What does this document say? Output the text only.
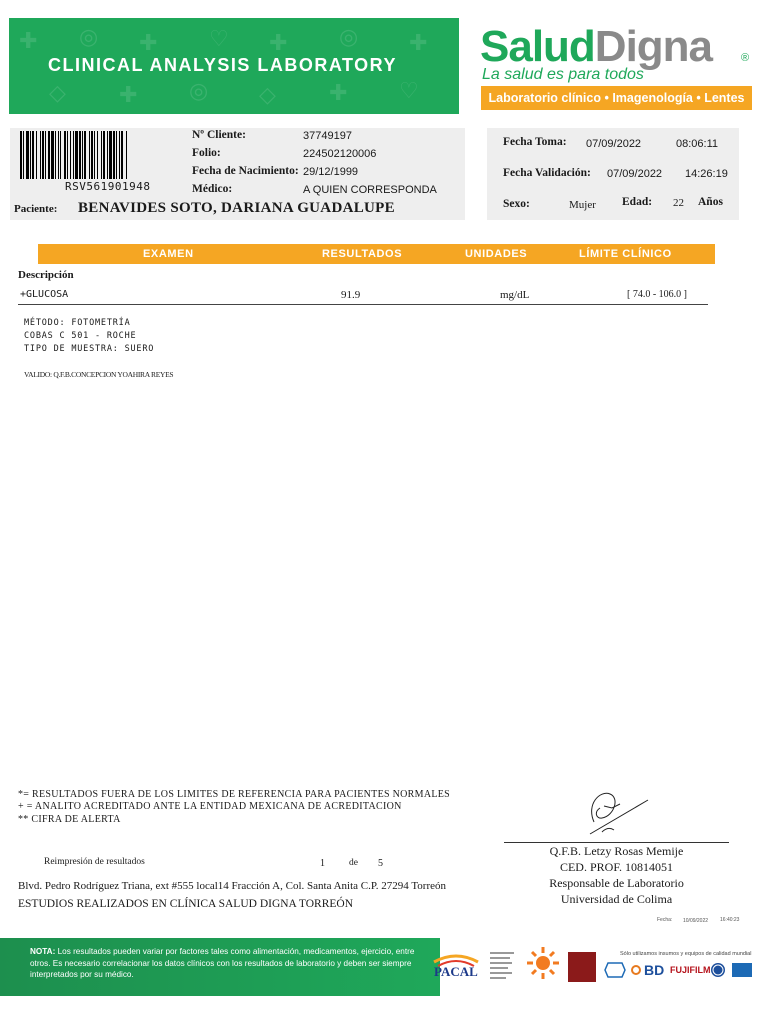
✚ ◎ ✚ ♡ ✚ ◎ ✚
◇ ✚ ◎ ◇ ✚ ♡
CLINICAL ANALYSIS LABORATORY SaludDigna	®
La salud es para todos
Laboratorio clínico • Imagenología • Lentes
RSV561901948
Nº Cliente:	37749197
Folio:	224502120006
Fecha de Nacimiento: 29/12/1999
Médico:	A QUIEN CORRESPONDA
Paciente: BENAVIDES SOTO, DARIANA GUADALUPE
Fecha Toma: 07/09/2022	08:06:11
Fecha Validación: 07/09/2022 14:26:19
Sexo:	Mujer Edad: 22 Años
EXAMEN	RESULTADOS	UNIDADES	LÍMITE CLÍNICO
Descripción
+GLUCOSA	91.9	mg/dL	[ 74.0 - 106.0 ]
MÉTODO: FOTOMETRÍA
COBAS C 501 - ROCHE
TIPO DE MUESTRA: SUERO
VALIDO: Q.F.B.CONCEPCION YOAHIRA REYES
*= RESULTADOS FUERA DE LOS LIMITES DE REFERENCIA PARA PACIENTES NORMALES
+ = ANALITO ACREDITADO ANTE LA ENTIDAD MEXICANA DE ACREDITACION
** CIFRA DE ALERTA
Reimpresión de resultados	1	de 5
Blvd. Pedro Rodríguez Triana, ext #555 local14 Fracción A, Col. Santa Anita C.P. 27294 Torreón
ESTUDIOS REALIZADOS EN CLÍNICA SALUD DIGNA TORREÓN
Q.F.B. Letzy Rosas Memije
CED. PROF. 10814051
Responsable de Laboratorio
Universidad de Colima
Fecha: 10/09/2022 16:40:23
NOTA: Los resultados pueden variar por factores tales como alimentación, medicamentos, ejercicio, entre otros. Es necesario correlacionar los datos clínicos con los resultados de laboratorio y deben ser siempre interpretados por su médico.	PACAL
Sólo utilizamos insumos y equipos de calidad mundial
BD FUJIFILM
